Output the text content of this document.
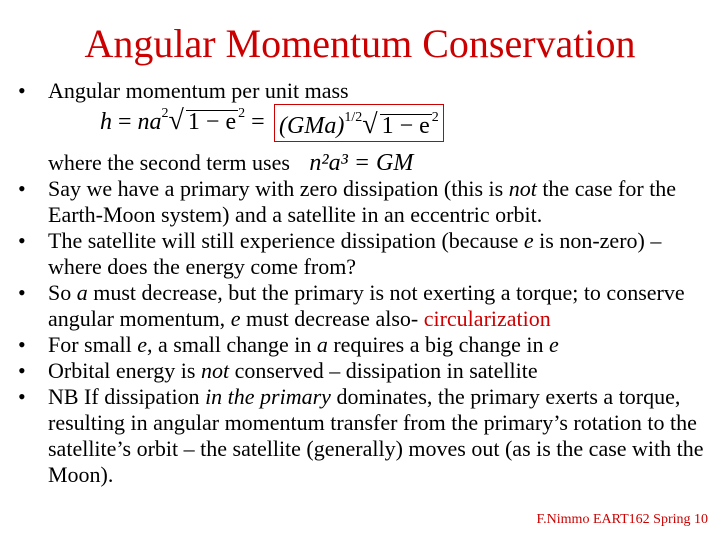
Angular Momentum Conservation
• Angular momentum per unit mass
$h = na^2√$ 1 − e $^2$ = (GMa)$^{1/2}$√ 1 − e $^2$
where the second term uses n²a³ = GM
• Say we have a primary with zero dissipation (this is not the case for the Earth-Moon system) and a satellite in an eccentric orbit.
• The satellite will still experience dissipation (because e is non-zero) – where does the energy come from?
• So a must decrease, but the primary is not exerting a torque; to conserve angular momentum, e must decrease also- circularization
• For small e, a small change in a requires a big change in e
• Orbital energy is not conserved – dissipation in satellite
• NB If dissipation in the primary dominates, the primary exerts a torque, resulting in angular momentum transfer from the primary’s rotation to the satellite’s orbit – the satellite (generally) moves out (as is the case with the Moon).
F.Nimmo EART162 Spring 10
